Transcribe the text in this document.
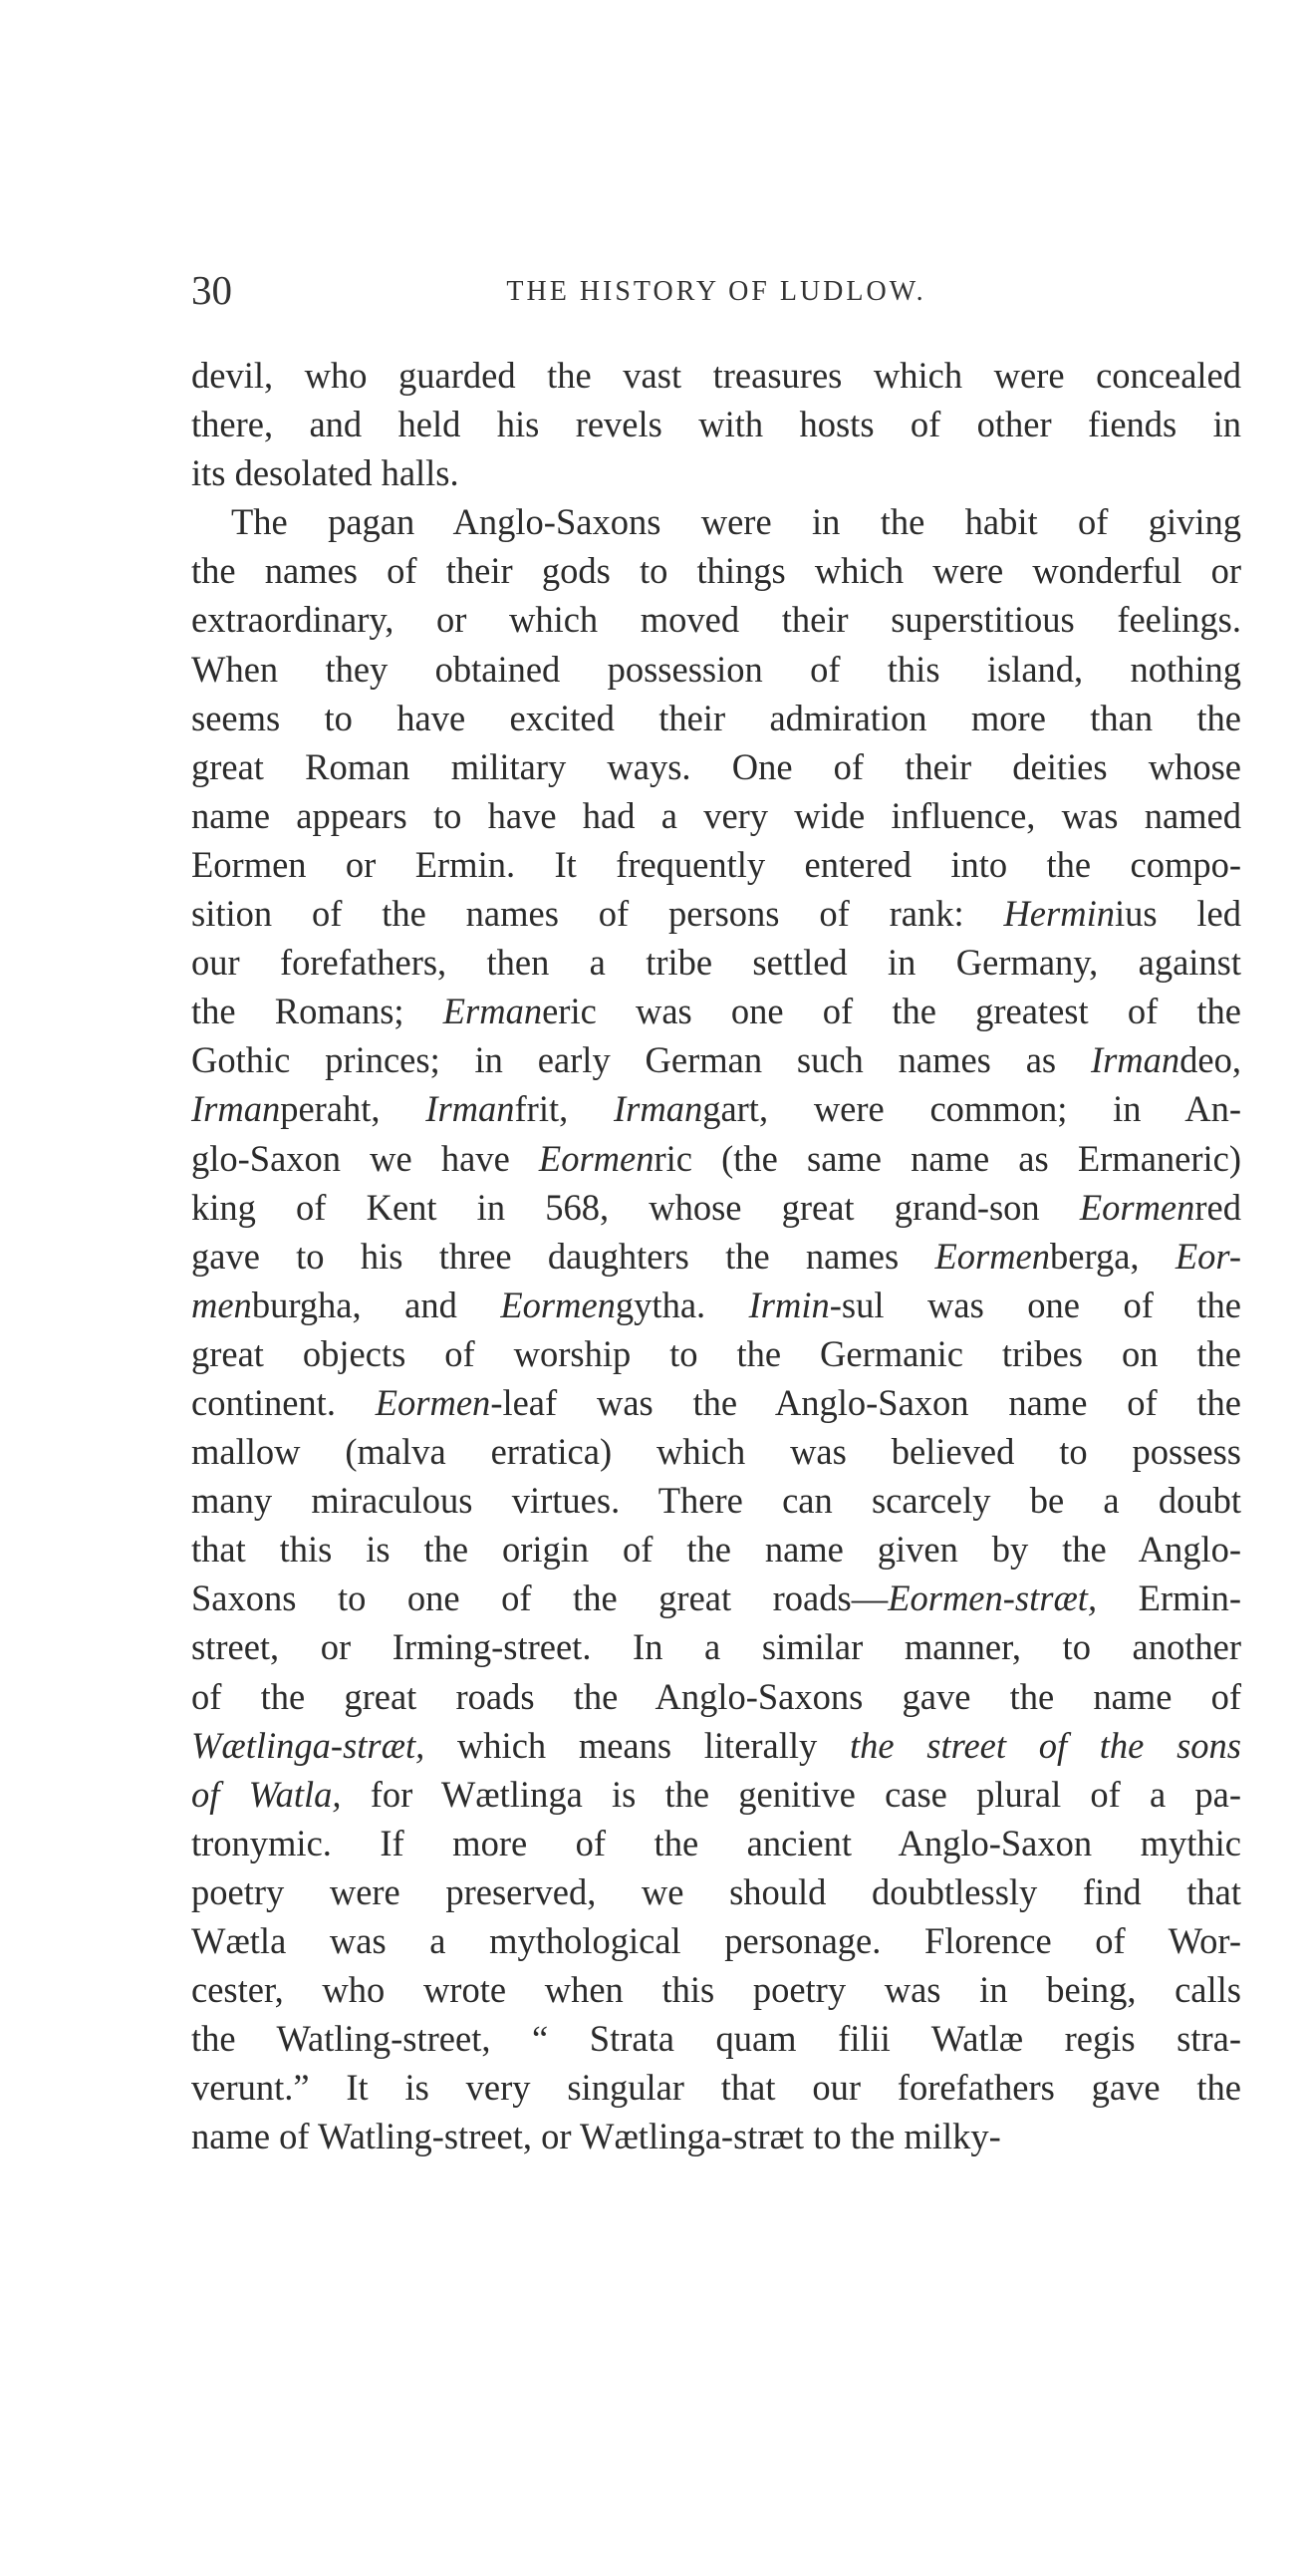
30	THE HISTORY OF LUDLOW.
devil, who guarded the vast treasures which were concealed
there, and held his revels with hosts of other fiends in
its desolated halls.
The pagan Anglo-Saxons were in the habit of giving
the names of their gods to things which were wonderful or
extraordinary, or which moved their superstitious feelings.
When they obtained possession of this island, nothing
seems to have excited their admiration more than the
great Roman military ways. One of their deities whose
name appears to have had a very wide influence, was named
Eormen or Ermin. It frequently entered into the compo-
sition of the names of persons of rank: Herminius led
our forefathers, then a tribe settled in Germany, against
the Romans; Ermaneric was one of the greatest of the
Gothic princes; in early German such names as Irmandeo,
Irmanperaht, Irmanfrit, Irmangart, were common; in An-
glo-Saxon we have Eormenric (the same name as Ermaneric)
king of Kent in 568, whose great grand-son Eormenred
gave to his three daughters the names Eormenberga, Eor-
menburgha, and Eormengytha. Irmin-sul was one of the
great objects of worship to the Germanic tribes on the
continent. Eormen-leaf was the Anglo-Saxon name of the
mallow (malva erratica) which was believed to possess
many miraculous virtues. There can scarcely be a doubt
that this is the origin of the name given by the Anglo-
Saxons to one of the great roads—Eormen-stræt, Ermin-
street, or Irming-street. In a similar manner, to another
of the great roads the Anglo-Saxons gave the name of
Wætlinga-stræt, which means literally the street of the sons
of Watla, for Wætlinga is the genitive case plural of a pa-
tronymic. If more of the ancient Anglo-Saxon mythic
poetry were preserved, we should doubtlessly find that
Wætla was a mythological personage. Florence of Wor-
cester, who wrote when this poetry was in being, calls
the Watling-street, “ Strata quam filii Watlæ regis stra-
verunt.” It is very singular that our forefathers gave the
name of Watling-street, or Wætlinga-stræt to the milky-
